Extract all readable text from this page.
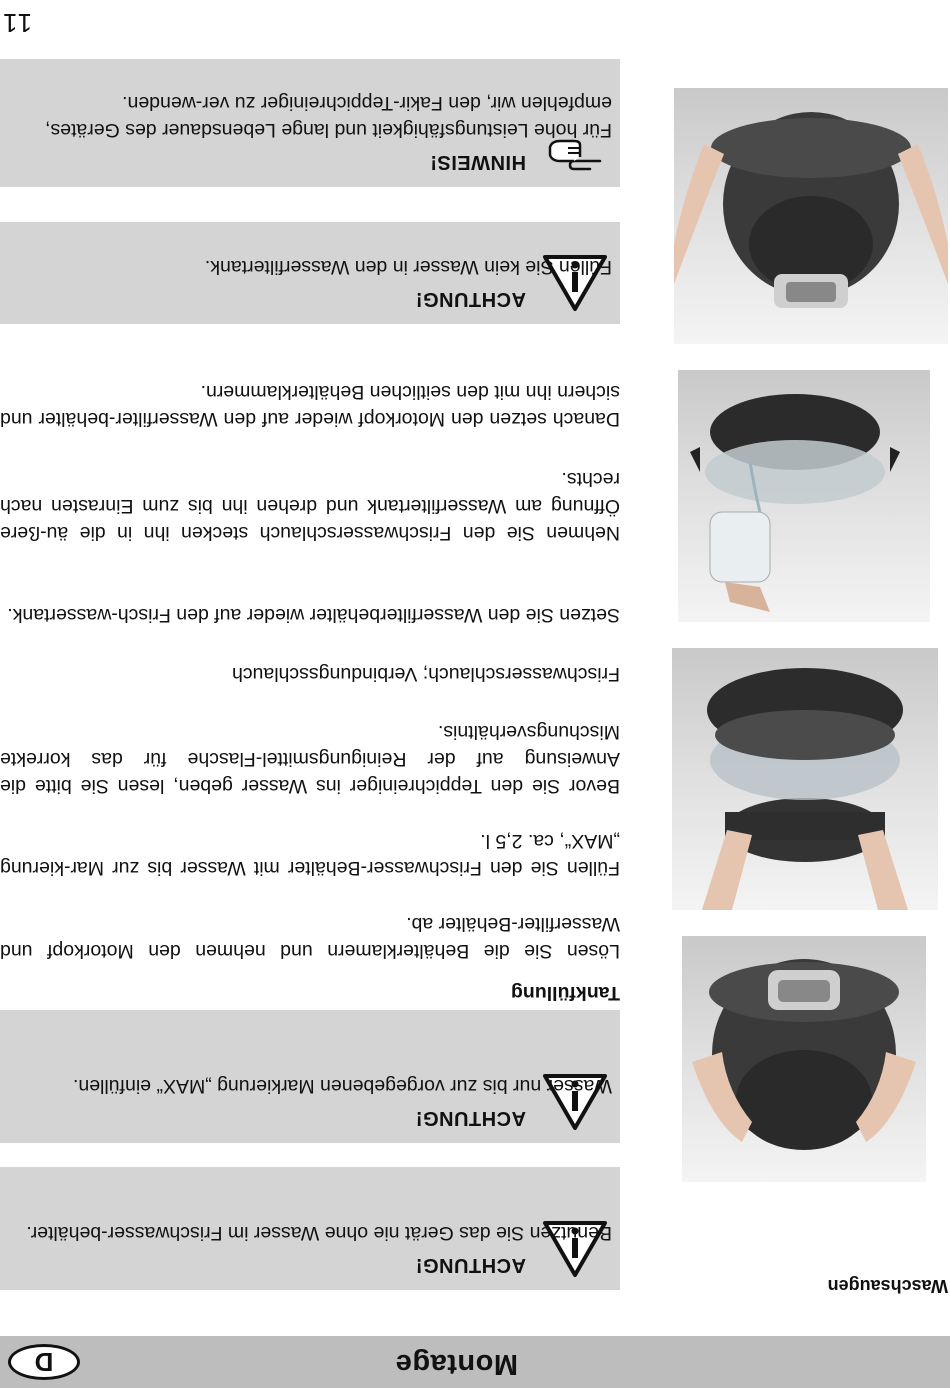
D	Montage
Waschsaugen
ACHTUNG!
Benutzen Sie das Gerät nie ohne Wasser im Frischwasser-behälter.
ACHTUNG!
Wasser nur bis zur vorgegebenen Markierung „MAX“ einfüllen.
Tankfüllung
Lösen Sie die Behälterklamern und nehmen den Motorkopf und Wasserfilter-Behälter ab.
Füllen Sie den Frischwasser-Behälter mit Wasser bis zur Mar-kierung „MAX“, ca. 2,5 l.
Bevor Sie den Teppichreiniger ins Wasser geben, lesen Sie bitte die Anweisung auf der Reinigungsmittel-Flasche für das korrekte Mischungsverhältnis.
Frischwasserschlauch; Verbindungsschlauch
Setzen Sie den Wasserfilterbehälter wieder auf den Frisch-wassertank.
Nehmen Sie den Frischwasserschlauch stecken ihn in die äu-ßere Öffnung am Wasserfiltertank und drehen ihn bis zum Einrasten nach rechts.
Danach setzen den Motorkopf wieder auf den Wasserfilter-behälter und sichern ihn mit den seitlichen Behälterklammern.
ACHTUNG!
Füllen Sie kein Wasser in den Wasserfiltertank.
HINWEIS!
Für hohe Leistungsfähigkeit und lange Lebensdauer des Gerätes, empfehlen wir, den Fakir-Teppichreiniger zu ver-wenden.
11
